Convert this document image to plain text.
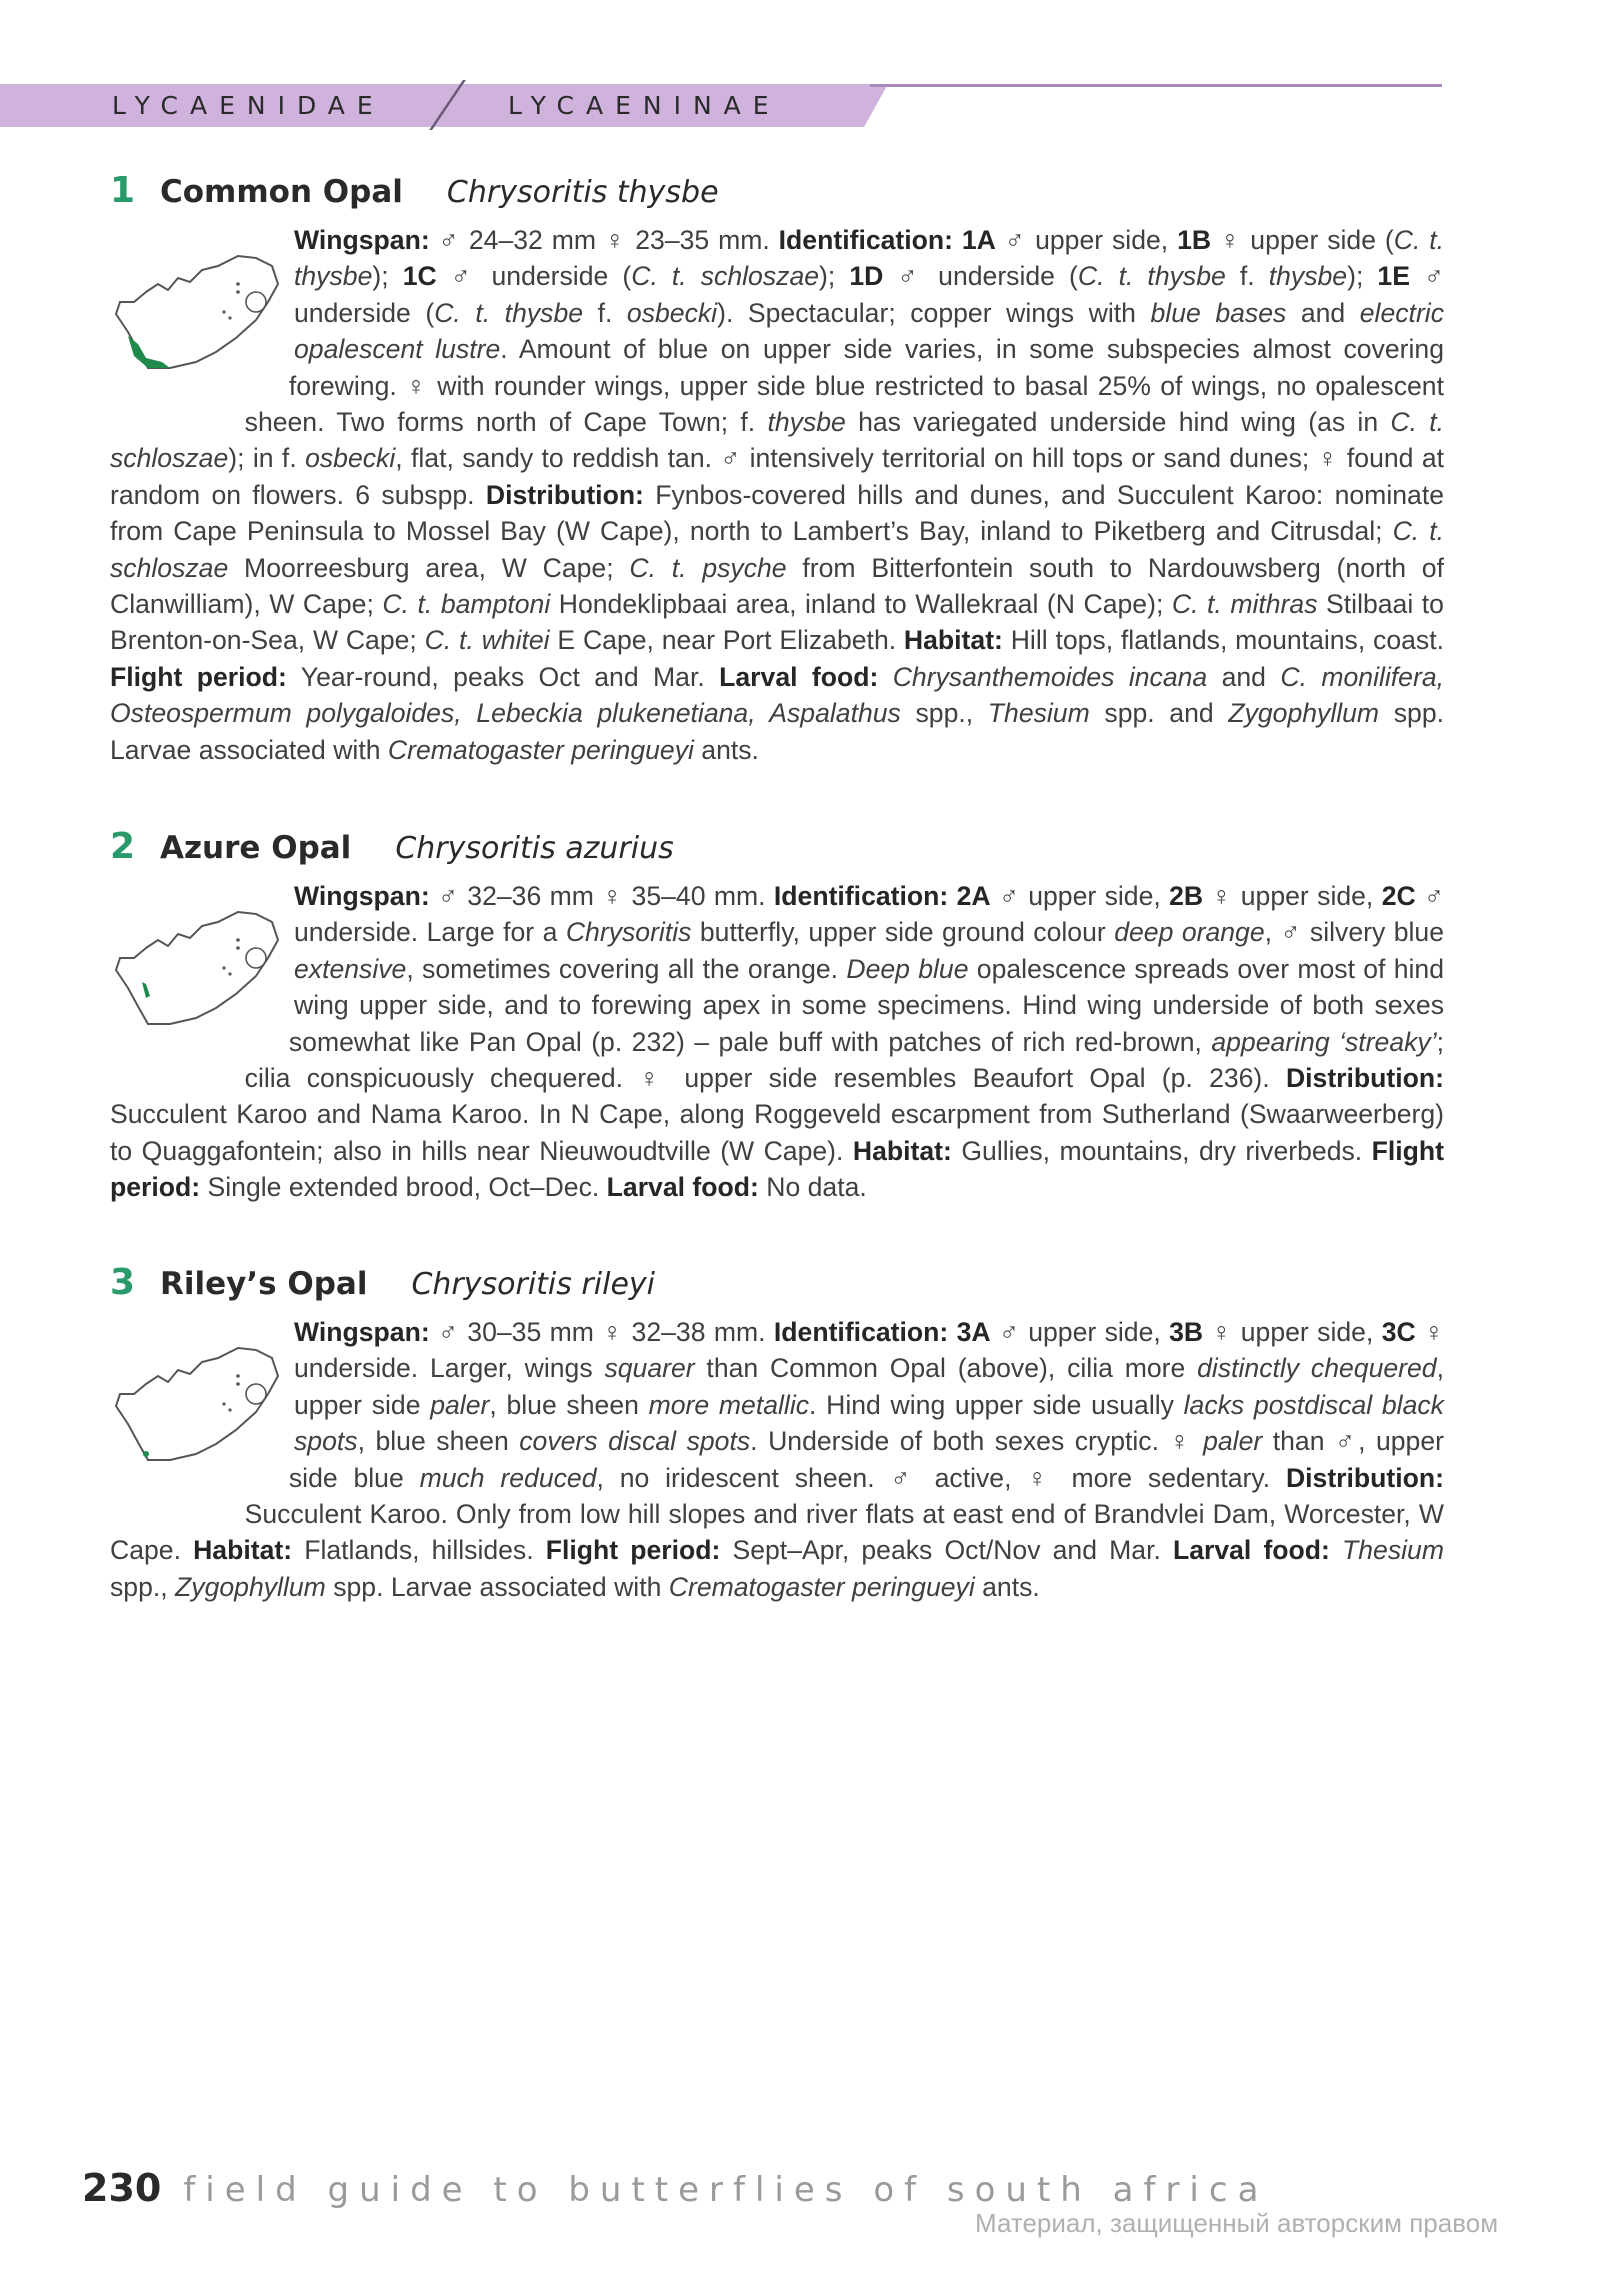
LYCAENIDAE	LYCAENINAE
1 Common Opal Chrysoritis thysbe
Wingspan: ♂ 24–32 mm ♀ 23–35 mm. Identification: 1A ♂ upper side, 1B ♀ upper side (C. t. thysbe); 1C ♂ underside (C. t. schloszae); 1D ♂ underside (C. t. thysbe f. thysbe); 1E ♂ underside (C. t. thysbe f. osbecki). Spectacular; copper wings with blue bases and electric opalescent lustre. Amount of blue on upper side varies, in some subspecies almost covering forewing. ♀ with rounder wings, upper side blue restricted to basal 25% of wings, no opalescent sheen. Two forms north of Cape Town; f. thysbe has variegated underside hind wing (as in C. t. schloszae); in f. osbecki, flat, sandy to reddish tan. ♂ intensively territorial on hill tops or sand dunes; ♀ found at random on flowers. 6 subspp. Distribution: Fynbos-covered hills and dunes, and Succulent Karoo: nominate from Cape Peninsula to Mossel Bay (W Cape), north to Lambert’s Bay, inland to Piketberg and Citrusdal; C. t. schloszae Moorreesburg area, W Cape; C. t. psyche from Bitterfontein south to Nardouwsberg (north of Clanwilliam), W Cape; C. t. bamptoni Hondeklipbaai area, inland to Wallekraal (N Cape); C. t. mithras Stilbaai to Brenton-on-Sea, W Cape; C. t. whitei E Cape, near Port Elizabeth. Habitat: Hill tops, flatlands, mountains, coast. Flight period: Year-round, peaks Oct and Mar. Larval food: Chrysanthemoides incana and C. monilifera, Osteospermum polygaloides, Lebeckia plukenetiana, Aspalathus spp., Thesium spp. and Zygophyllum spp. Larvae associated with Crematogaster peringueyi ants.
2 Azure Opal Chrysoritis azurius
Wingspan: ♂ 32–36 mm ♀ 35–40 mm. Identification: 2A ♂ upper side, 2B ♀ upper side, 2C ♂ underside. Large for a Chrysoritis butterfly, upper side ground colour deep orange, ♂ silvery blue extensive, sometimes covering all the orange. Deep blue opalescence spreads over most of hind wing upper side, and to forewing apex in some specimens. Hind wing underside of both sexes somewhat like Pan Opal (p. 232) – pale buff with patches of rich red-brown, appearing ‘streaky’; cilia conspicuously chequered. ♀ upper side resembles Beaufort Opal (p. 236). Distribution: Succulent Karoo and Nama Karoo. In N Cape, along Roggeveld escarpment from Sutherland (Swaarweerberg) to Quaggafontein; also in hills near Nieuwoudtville (W Cape). Habitat: Gullies, mountains, dry riverbeds. Flight period: Single extended brood, Oct–Dec. Larval food: No data.
3 Riley’s Opal Chrysoritis rileyi
Wingspan: ♂ 30–35 mm ♀ 32–38 mm. Identification: 3A ♂ upper side, 3B ♀ upper side, 3C ♀ underside. Larger, wings squarer than Common Opal (above), cilia more distinctly chequered, upper side paler, blue sheen more metallic. Hind wing upper side usually lacks postdiscal black spots, blue sheen covers discal spots. Underside of both sexes cryptic. ♀ paler than ♂, upper side blue much reduced, no iridescent sheen. ♂ active, ♀ more sedentary. Distribution: Succulent Karoo. Only from low hill slopes and river flats at east end of Brandvlei Dam, Worcester, W Cape. Habitat: Flatlands, hillsides. Flight period: Sept–Apr, peaks Oct/Nov and Mar. Larval food: Thesium spp., Zygophyllum spp. Larvae associated with Crematogaster peringueyi ants.
230 field guide to butterflies of south africa
Материал, защищенный авторским правом
